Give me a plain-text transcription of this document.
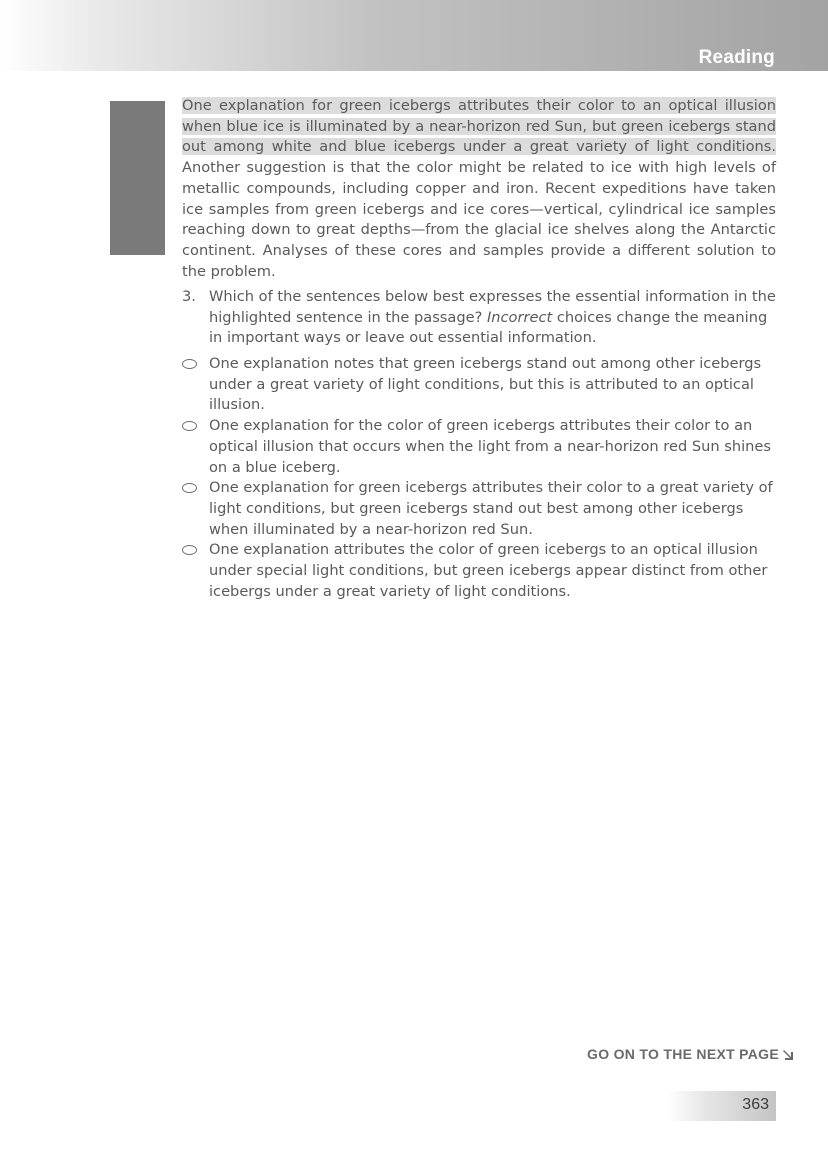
Reading
One explanation for green icebergs attributes their color to an optical illusion when blue ice is illuminated by a near-horizon red Sun, but green icebergs stand out among white and blue icebergs under a great variety of light conditions. Another suggestion is that the color might be related to ice with high levels of metallic compounds, including copper and iron. Recent expeditions have taken ice samples from green icebergs and ice cores—vertical, cylindrical ice samples reaching down to great depths—from the glacial ice shelves along the Antarctic continent. Analyses of these cores and samples provide a different solution to the problem.
3. Which of the sentences below best expresses the essential information in the highlighted sentence in the passage? Incorrect choices change the meaning in important ways or leave out essential information.
One explanation notes that green icebergs stand out among other icebergs under a great variety of light conditions, but this is attributed to an optical illusion.
One explanation for the color of green icebergs attributes their color to an optical illusion that occurs when the light from a near-horizon red Sun shines on a blue iceberg.
One explanation for green icebergs attributes their color to a great variety of light conditions, but green icebergs stand out best among other icebergs when illuminated by a near-horizon red Sun.
One explanation attributes the color of green icebergs to an optical illusion under special light conditions, but green icebergs appear distinct from other icebergs under a great variety of light conditions.
GO ON TO THE NEXT PAGE
363
